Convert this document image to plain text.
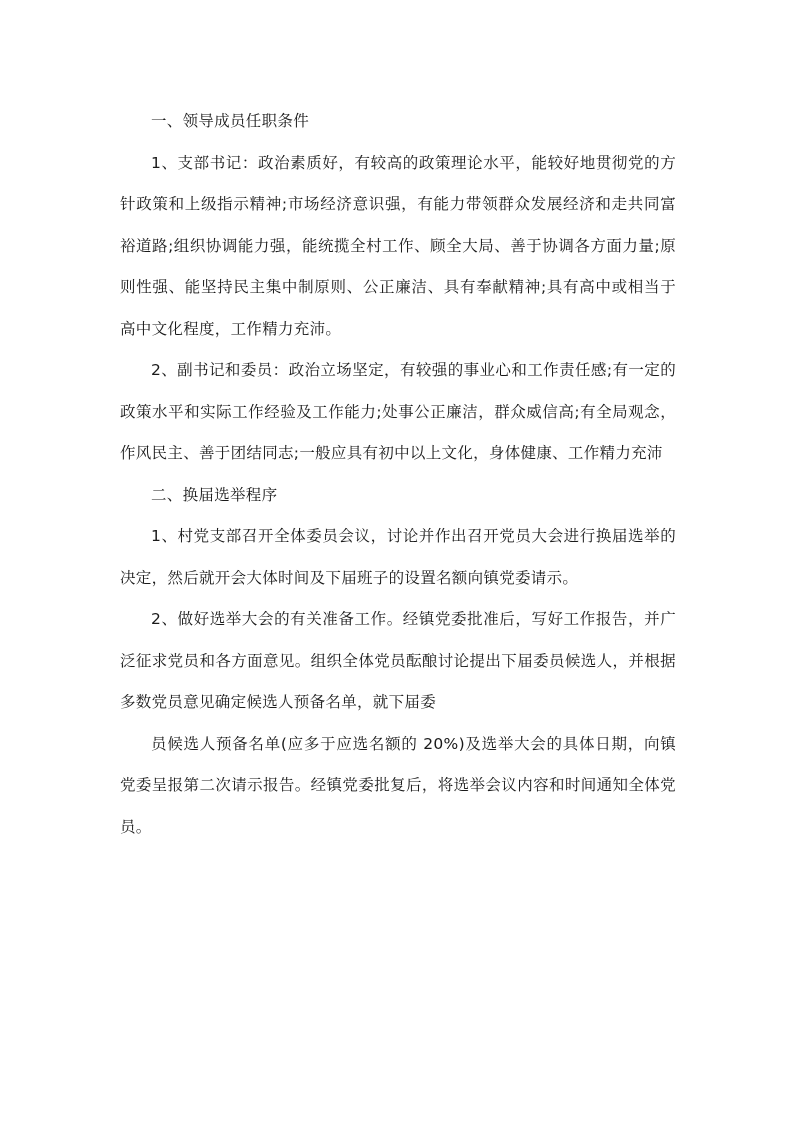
一、领导成员任职条件

1、支部书记：政治素质好，有较高的政策理论水平，能较好地贯彻党的方针政策和上级指示精神;市场经济意识强，有能力带领群众发展经济和走共同富裕道路;组织协调能力强，能统揽全村工作、顾全大局、善于协调各方面力量;原则性强、能坚持民主集中制原则、公正廉洁、具有奉献精神;具有高中或相当于高中文化程度，工作精力充沛。

2、副书记和委员：政治立场坚定，有较强的事业心和工作责任感;有一定的政策水平和实际工作经验及工作能力;处事公正廉洁，群众威信高;有全局观念，作风民主、善于团结同志;一般应具有初中以上文化，身体健康、工作精力充沛

二、换届选举程序

1、村党支部召开全体委员会议，讨论并作出召开党员大会进行换届选举的决定，然后就开会大体时间及下届班子的设置名额向镇党委请示。

2、做好选举大会的有关准备工作。经镇党委批准后，写好工作报告，并广泛征求党员和各方面意见。组织全体党员酝酿讨论提出下届委员候选人，并根据多数党员意见确定候选人预备名单，就下届委

员候选人预备名单(应多于应选名额的 20%)及选举大会的具体日期，向镇党委呈报第二次请示报告。经镇党委批复后，将选举会议内容和时间通知全体党员。
